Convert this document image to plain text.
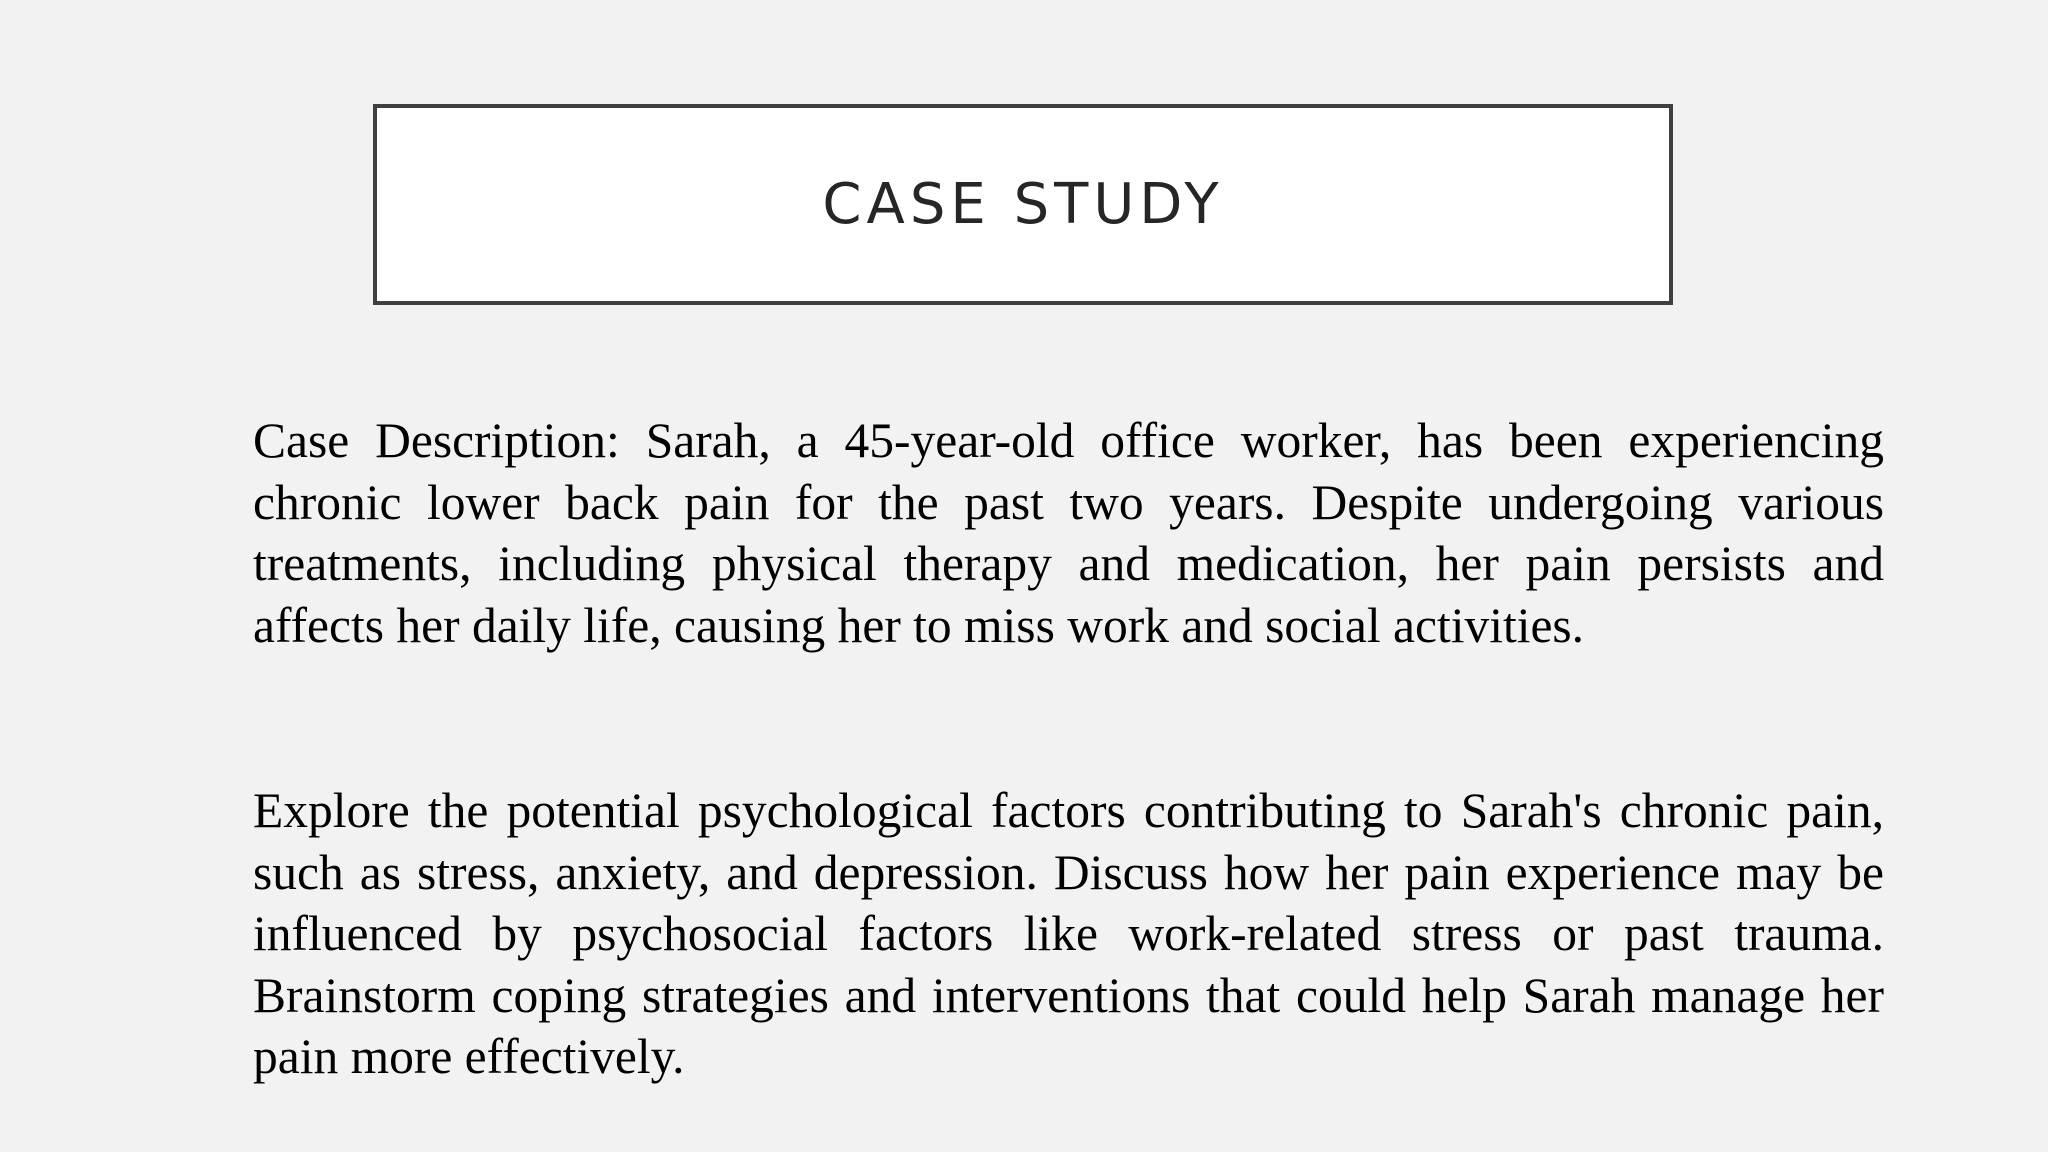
CASE STUDY

Case Description: Sarah, a 45-year-old office worker, has been experiencing chronic lower back pain for the past two years. Despite undergoing various treatments, including physical therapy and medication, her pain persists and affects her daily life, causing her to miss work and social activities.

Explore the potential psychological factors contributing to Sarah's chronic pain, such as stress, anxiety, and depression. Discuss how her pain experience may be influenced by psychosocial factors like work-related stress or past trauma. Brainstorm coping strategies and interventions that could help Sarah manage her pain more effectively.
